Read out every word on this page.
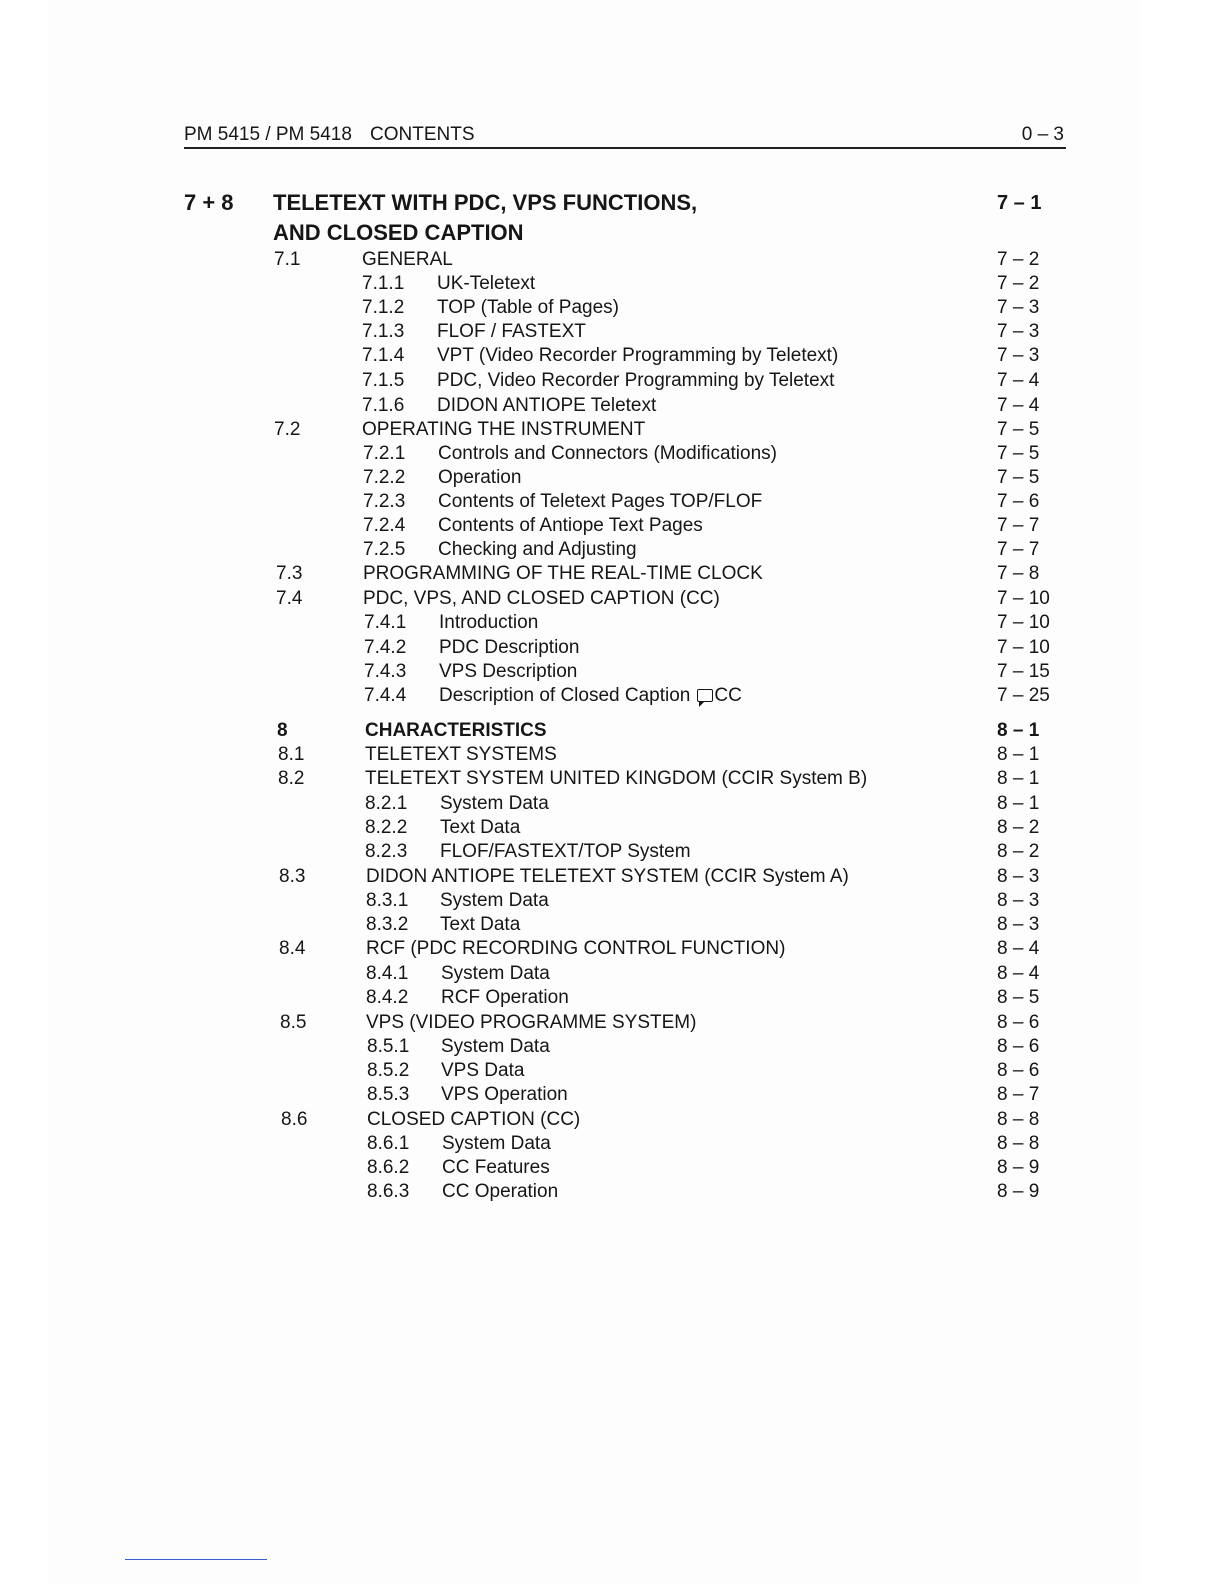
PM 5415 / PM 5418 CONTENTS	0 – 3
7 + 8 TELETEXT WITH PDC, VPS FUNCTIONS,	7 – 1
AND CLOSED CAPTION
7.1	GENERAL	7 – 2
7.1.1 UK-Teletext	7 – 2
7.1.2 TOP (Table of Pages)	7 – 3
7.1.3 FLOF / FASTEXT	7 – 3
7.1.4 VPT (Video Recorder Programming by Teletext)	7 – 3
7.1.5 PDC, Video Recorder Programming by Teletext	7 – 4
7.1.6 DIDON ANTIOPE Teletext	7 – 4
7.2	OPERATING THE INSTRUMENT	7 – 5
7.2.1 Controls and Connectors (Modifications)	7 – 5
7.2.2 Operation	7 – 5
7.2.3 Contents of Teletext Pages TOP/FLOF	7 – 6
7.2.4 Contents of Antiope Text Pages	7 – 7
7.2.5 Checking and Adjusting	7 – 7
7.3	PROGRAMMING OF THE REAL-TIME CLOCK	7 – 8
7.4	PDC, VPS, AND CLOSED CAPTION (CC)	7 – 10
7.4.1 Introduction	7 – 10
7.4.2 PDC Description	7 – 10
7.4.3 VPS Description	7 – 15
7.4.4 Description of Closed Caption CC	7 – 25
8	CHARACTERISTICS	8 – 1
8.1	TELETEXT SYSTEMS	8 – 1
8.2	TELETEXT SYSTEM UNITED KINGDOM (CCIR System B)	8 – 1
8.2.1 System Data	8 – 1
8.2.2 Text Data	8 – 2
8.2.3 FLOF/FASTEXT/TOP System	8 – 2
8.3	DIDON ANTIOPE TELETEXT SYSTEM (CCIR System A)	8 – 3
8.3.1 System Data	8 – 3
8.3.2 Text Data	8 – 3
8.4	RCF (PDC RECORDING CONTROL FUNCTION)	8 – 4
8.4.1 System Data	8 – 4
8.4.2 RCF Operation	8 – 5
8.5	VPS (VIDEO PROGRAMME SYSTEM)	8 – 6
8.5.1 System Data	8 – 6
8.5.2 VPS Data	8 – 6
8.5.3 VPS Operation	8 – 7
8.6	CLOSED CAPTION (CC)	8 – 8
8.6.1 System Data	8 – 8
8.6.2 CC Features	8 – 9
8.6.3 CC Operation	8 – 9
